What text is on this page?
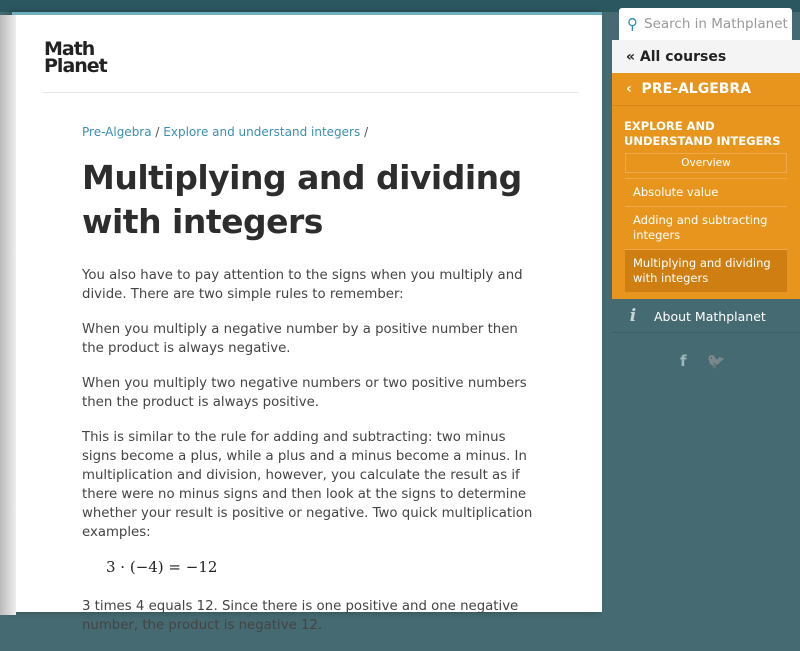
Math
Planet
Pre-Algebra / Explore and understand integers /
Multiplying and dividing with integers

You also have to pay attention to the signs when you multiply and divide. There are two simple rules to remember:

When you multiply a negative number by a positive number then the product is always negative.

When you multiply two negative numbers or two positive numbers then the product is always positive.

This is similar to the rule for adding and subtracting: two minus signs become a plus, while a plus and a minus become a minus. In multiplication and division, however, you calculate the result as if there were no minus signs and then look at the signs to determine whether your result is positive or negative. Two quick multiplication examples:

3 · (−4) = −12

3 times 4 equals 12. Since there is one positive and one negative number, the product is negative 12.

⚲ Search in Mathplanet
« All courses
‹ PRE-ALGEBRA
EXPLORE AND UNDERSTAND INTEGERS
Overview
Absolute value
Adding and subtracting integers
Multiplying and dividing with integers
i	About Mathplanet
f 🐦
